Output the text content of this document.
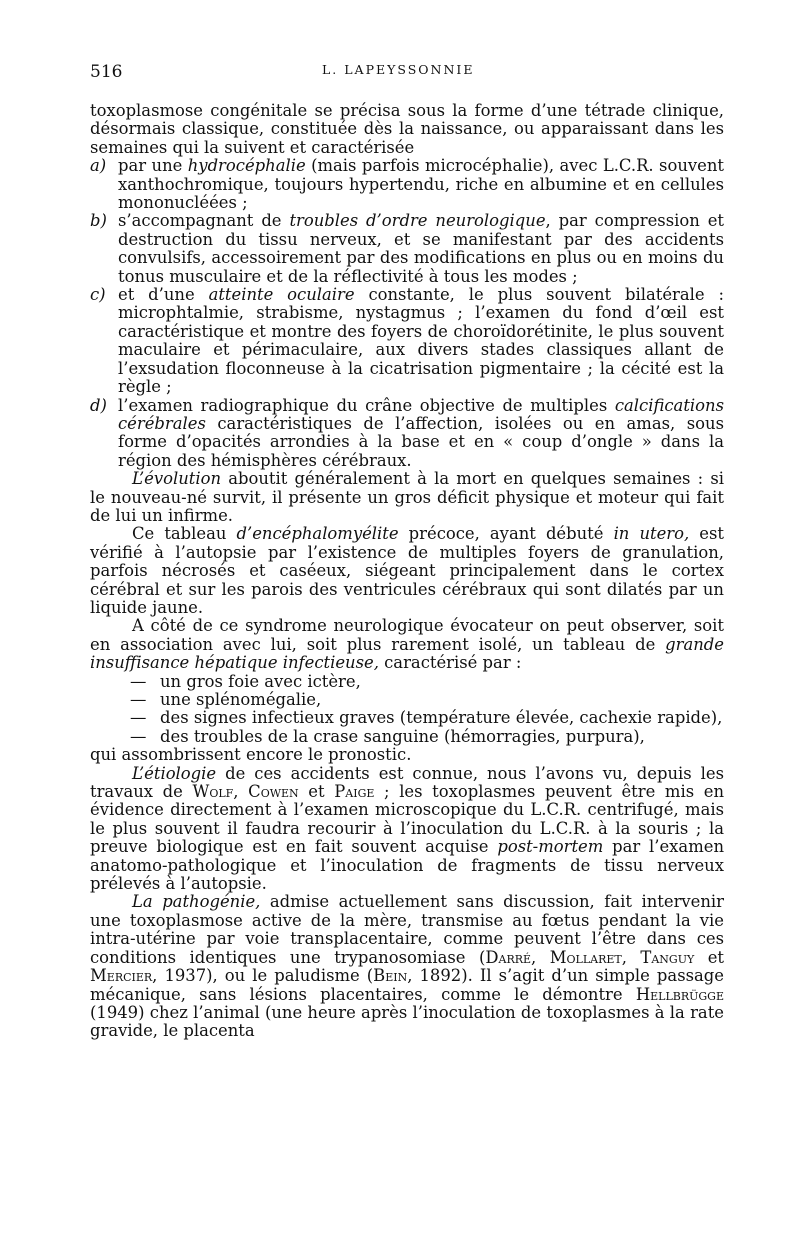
516	L. LAPEYSSONNIE

toxoplasmose congénitale se précisa sous la forme d’une tétrade clinique, désormais classique, constituée dès la naissance, ou apparaissant dans les semaines qui la suivent et caractérisée

a) par une hydrocéphalie (mais parfois microcéphalie), avec L.C.R. souvent xanthochromique, toujours hypertendu, riche en albumine et en cellules mononucléées ;
b) s’accompagnant de troubles d’ordre neurologique, par compression et destruction du tissu nerveux, et se manifestant par des accidents convulsifs, accessoirement par des modifications en plus ou en moins du tonus musculaire et de la réflectivité à tous les modes ;
c) et d’une atteinte oculaire constante, le plus souvent bilatérale : microphtalmie, strabisme, nystagmus ; l’examen du fond d’œil est caractéristique et montre des foyers de choroïdorétinite, le plus souvent maculaire et périmaculaire, aux divers stades classiques allant de l’exsudation floconneuse à la cicatrisation pigmentaire ; la cécité est la règle ;
d) l’examen radiographique du crâne objective de multiples calcifications cérébrales caractéristiques de l’affection, isolées ou en amas, sous forme d’opacités arrondies à la base et en « coup d’ongle » dans la région des hémisphères cérébraux.

L’évolution aboutit généralement à la mort en quelques semaines : si le nouveau-né survit, il présente un gros déficit physique et moteur qui fait de lui un infirme.

Ce tableau d’encéphalomyélite précoce, ayant débuté in utero, est vérifié à l’autopsie par l’existence de multiples foyers de granulation, parfois nécrosés et caséeux, siégeant principalement dans le cortex cérébral et sur les parois des ventricules cérébraux qui sont dilatés par un liquide jaune.

A côté de ce syndrome neurologique évocateur on peut observer, soit en association avec lui, soit plus rarement isolé, un tableau de grande insuffisance hépatique infectieuse, caractérisé par :

— un gros foie avec ictère,
— une splénomégalie,
— des signes infectieux graves (température élevée, cachexie rapide),
— des troubles de la crase sanguine (hémorragies, purpura),

qui assombrissent encore le pronostic.

L’étiologie de ces accidents est connue, nous l’avons vu, depuis les travaux de Wolf, Cowen et Paige ; les toxoplasmes peuvent être mis en évidence directement à l’examen microscopique du L.C.R. centrifugé, mais le plus souvent il faudra recourir à l’inoculation du L.C.R. à la souris ; la preuve biologique est en fait souvent acquise post-mortem par l’examen anatomo-pathologique et l’inoculation de fragments de tissu nerveux prélevés à l’autopsie.

La pathogénie, admise actuellement sans discussion, fait intervenir une toxoplasmose active de la mère, transmise au fœtus pendant la vie intra-utérine par voie transplacentaire, comme peuvent l’être dans ces conditions identiques une trypanosomiase (Darré, Mollaret, Tanguy et Mercier, 1937), ou le paludisme (Bein, 1892). Il s’agit d’un simple passage mécanique, sans lésions placentaires, comme le démontre Hellbrügge (1949) chez l’animal (une heure après l’inoculation de toxoplasmes à la rate gravide, le placenta
